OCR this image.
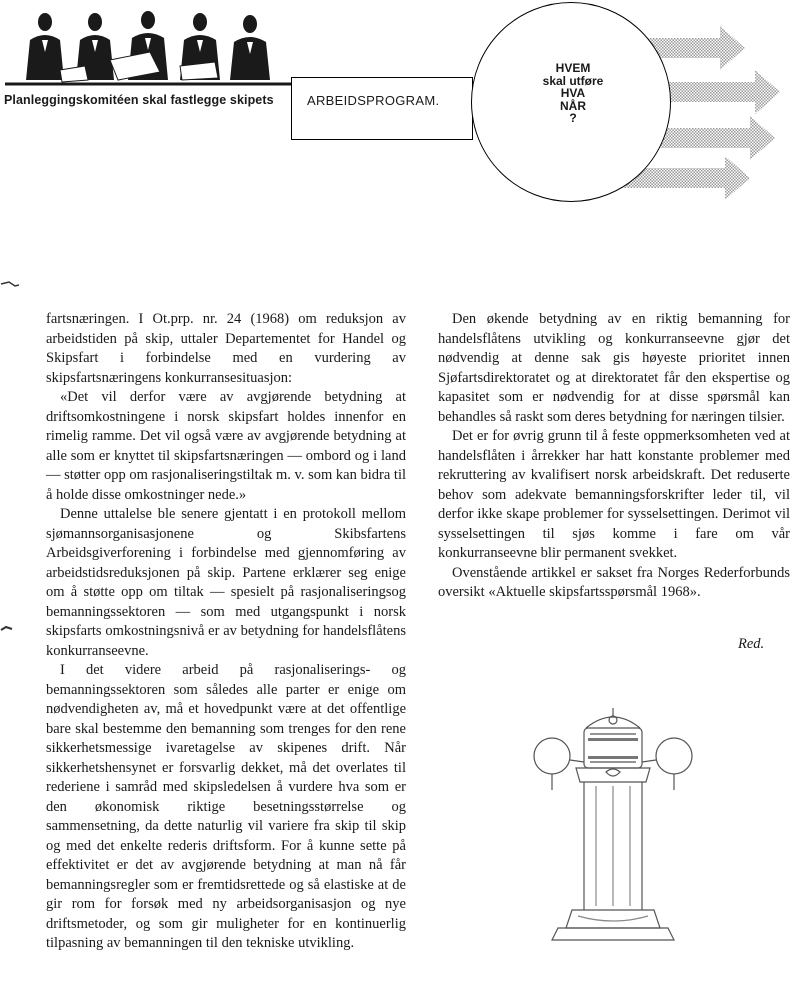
Planleggingskomitéen skal fastlegge skipets	ARBEIDSPROGRAM.
HVEM
skal utføre
HVA
NÅR
?

fartsnæringen. I Ot.prp. nr. 24 (1968) om reduksjon av arbeidstiden på skip, uttaler Departementet for Handel og Skipsfart i forbindelse med en vurdering av skipsfartsnæringens konkurransesituasjon:

«Det vil derfor være av avgjørende betydning at driftsomkostningene i norsk skipsfart holdes innenfor en rimelig ramme. Det vil også være av avgjørende betydning at alle som er knyttet til skipsfartsnæringen — ombord og i land — støtter opp om rasjonaliseringstiltak m. v. som kan bidra til å holde disse omkostninger nede.»

Denne uttalelse ble senere gjentatt i en protokoll mellom sjømannsorganisasjonene og Skibsfartens Arbeidsgiverforening i forbindelse med gjennomføring av arbeidstidsreduksjonen på skip. Partene erklærer seg enige om å støtte opp om tiltak — spesielt på rasjonaliseringsog bemanningssektoren — som med utgangspunkt i norsk skipsfarts omkostningsnivå er av betydning for handelsflåtens konkurranseevne.

I det videre arbeid på rasjonaliserings- og bemanningssektoren som således alle parter er enige om nødvendigheten av, må et hovedpunkt være at det offentlige bare skal bestemme den bemanning som trenges for den rene sikkerhetsmessige ivaretagelse av skipenes drift. Når sikkerhetshensynet er forsvarlig dekket, må det overlates til rederiene i samråd med skipsledelsen å vurdere hva som er den økonomisk riktige besetningsstørrelse og sammensetning, da dette naturlig vil variere fra skip til skip og med det enkelte rederis driftsform. For å kunne sette på effektivitet er det av avgjørende betydning at man nå får bemanningsregler som er fremtidsrettede og så elastiske at de gir rom for forsøk med ny arbeidsorganisasjon og nye driftsmetoder, og som gir muligheter for en kontinuerlig tilpasning av bemanningen til den tekniske utvikling.

Den økende betydning av en riktig bemanning for handelsflåtens utvikling og konkurranseevne gjør det nødvendig at denne sak gis høyeste prioritet innen Sjøfartsdirektoratet og at direktoratet får den ekspertise og kapasitet som er nødvendig for at disse spørsmål kan behandles så raskt som deres betydning for næringen tilsier.

Det er for øvrig grunn til å feste oppmerksomheten ved at handelsflåten i årrekker har hatt konstante problemer med rekruttering av kvalifisert norsk arbeidskraft. Det reduserte behov som adekvate bemanningsforskrifter leder til, vil derfor ikke skape problemer for sysselsettingen. Derimot vil sysselsettingen til sjøs komme i fare om vår konkurranseevne blir permanent svekket.

Ovenstående artikkel er sakset fra Norges Rederforbunds oversikt «Aktuelle skipsfartsspørsmål 1968».

Red.
